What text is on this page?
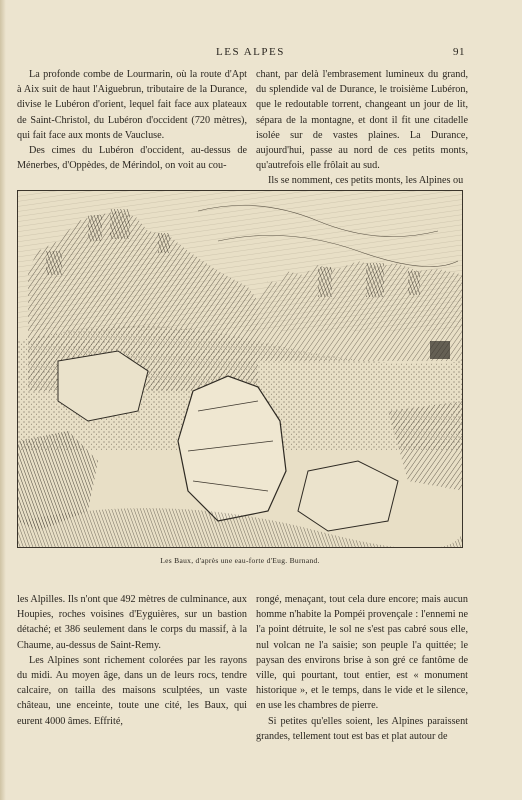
LES ALPES	91

La profonde combe de Lourmarin, où la route d'Apt à Aix suit de haut l'Aiguebrun, tributaire de la Durance, divise le Lubéron d'orient, lequel fait face aux plateaux de Saint-Christol, du Lubéron d'occident (720 mètres), qui fait face aux monts de Vaucluse.

Des cimes du Lubéron d'occident, au-dessus de Ménerbes, d'Oppèdes, de Mérindol, on voit au cou-

chant, par delà l'embrasement lumineux du grand, du splendide val de Durance, le troisième Lubéron, que le redoutable torrent, changeant un jour de lit, sépara de la montagne, et dont il fit une citadelle isolée sur de vastes plaines. La Durance, aujourd'hui, passe au nord de ces petits monts, qu'autrefois elle frôlait au sud.

Ils se nomment, ces petits monts, les Alpines ou

Les Baux, d'après une eau-forte d'Eug. Burnand.

les Alpilles. Ils n'ont que 492 mètres de culminance, aux Houpies, roches voisines d'Eyguières, sur un bastion détaché; et 386 seulement dans le corps du massif, à la Chaume, au-dessus de Saint-Remy.

Les Alpines sont richement colorées par les rayons du midi. Au moyen âge, dans un de leurs rocs, tendre calcaire, on tailla des maisons sculptées, un vaste château, une enceinte, toute une cité, les Baux, qui eurent 4000 âmes. Effrité,

rongé, menaçant, tout cela dure encore; mais aucun homme n'habite la Pompéi provençale : l'ennemi ne l'a point détruite, le sol ne s'est pas cabré sous elle, nul volcan ne l'a saisie; son peuple l'a quittée; le paysan des environs brise à son gré ce fantôme de ville, qui pourtant, tout entier, est « monument historique », et le temps, dans le vide et le silence, en use les chambres de pierre.

Si petites qu'elles soient, les Alpines paraissent grandes, tellement tout est bas et plat autour de
